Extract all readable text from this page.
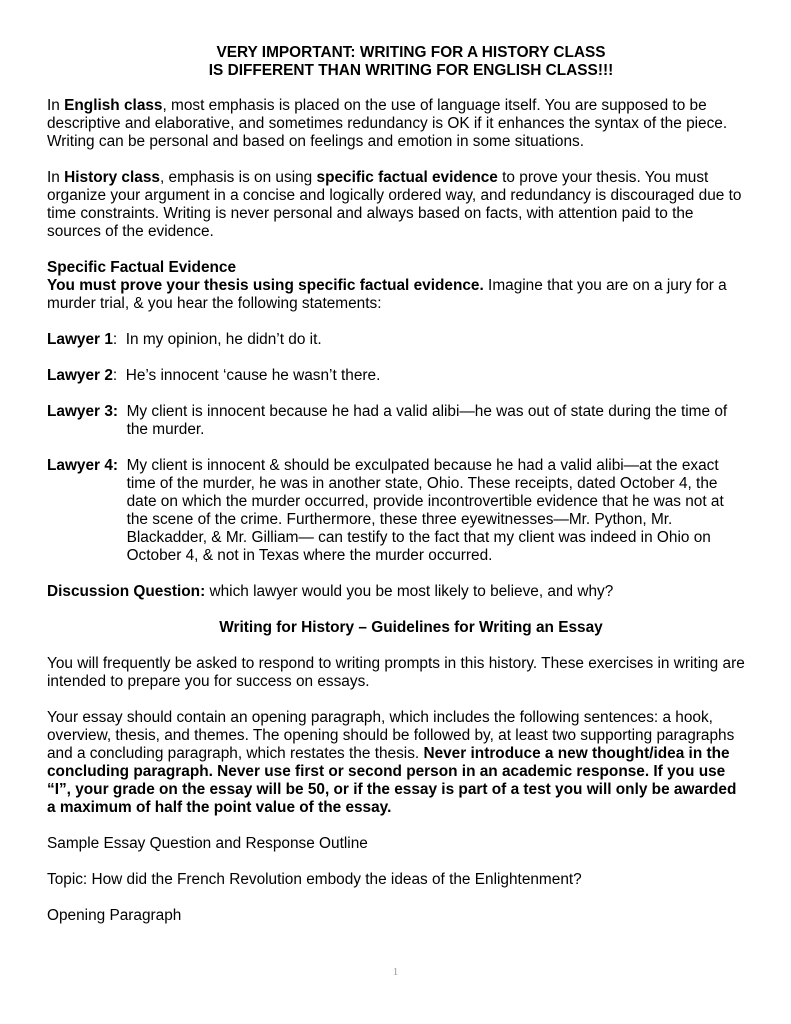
VERY IMPORTANT: WRITING FOR A HISTORY CLASS

IS DIFFERENT THAN WRITING FOR ENGLISH CLASS!!!

In English class, most emphasis is placed on the use of language itself. You are supposed to be descriptive and elaborative, and sometimes redundancy is OK if it enhances the syntax of the piece. Writing can be personal and based on feelings and emotion in some situations.

In History class, emphasis is on using specific factual evidence to prove your thesis. You must organize your argument in a concise and logically ordered way, and redundancy is discouraged due to time constraints. Writing is never personal and always based on facts, with attention paid to the sources of the evidence.

Specific Factual Evidence

You must prove your thesis using specific factual evidence. Imagine that you are on a jury for a murder trial, & you hear the following statements:

Lawyer 1 :  In my opinion, he didn’t do it.
Lawyer 2 :  He’s innocent ‘cause he wasn’t there.
Lawyer 3: My client is innocent because he had a valid alibi—he was out of state during the time of the murder.
Lawyer 4: My client is innocent & should be exculpated because he had a valid alibi—at the exact time of the murder, he was in another state, Ohio. These receipts, dated October 4, the date on which the murder occurred, provide incontrovertible evidence that he was not at the scene of the crime. Furthermore, these three eyewitnesses—Mr. Python, Mr. Blackadder, & Mr. Gilliam— can testify to the fact that my client was indeed in Ohio on October 4, & not in Texas where the murder occurred.

Discussion Question: which lawyer would you be most likely to believe, and why?

Writing for History – Guidelines for Writing an Essay

You will frequently be asked to respond to writing prompts in this history. These exercises in writing are intended to prepare you for success on essays.

Your essay should contain an opening paragraph, which includes the following sentences: a hook, overview, thesis, and themes. The opening should be followed by, at least two supporting paragraphs and a concluding paragraph, which restates the thesis. Never introduce a new thought/idea in the concluding paragraph. Never use first or second person in an academic response. If you use “I”, your grade on the essay will be 50, or if the essay is part of a test you will only be awarded a maximum of half the point value of the essay.

Sample Essay Question and Response Outline

Topic: How did the French Revolution embody the ideas of the Enlightenment?

Opening Paragraph

1
